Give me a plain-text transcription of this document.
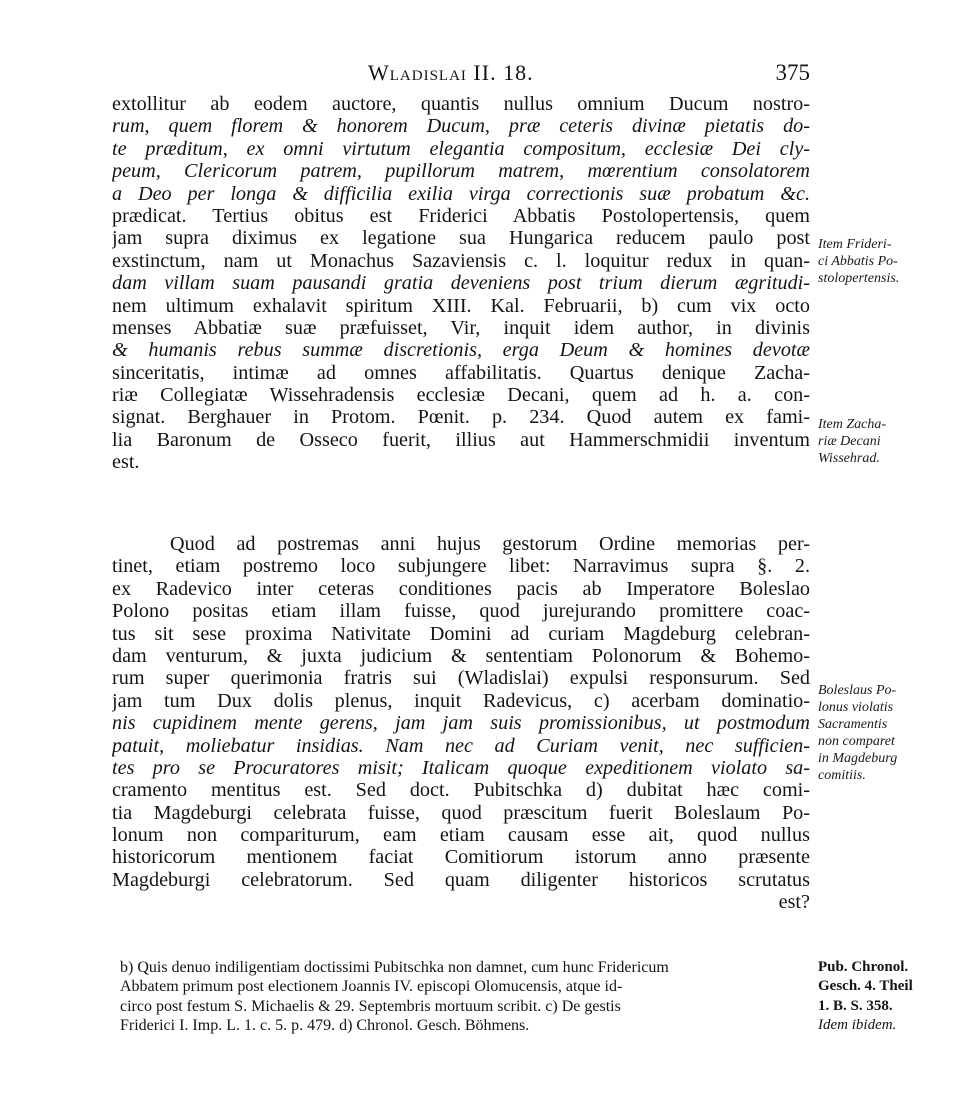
Wladislai II. 18.	375
extollitur ab eodem auctore, quantis nullus omnium Ducum nostro-
rum, quem florem & honorem Ducum, præ ceteris divinæ pietatis do-
te præditum, ex omni virtutum elegantia compositum, ecclesiæ Dei cly-
peum, Clericorum patrem, pupillorum matrem, mœrentium consolatorem
a Deo per longa & difficilia exilia virga correctionis suæ probatum &c.
prædicat. Tertius obitus est Friderici Abbatis Postolopertensis, quem
jam supra diximus ex legatione sua Hungarica reducem paulo post
exstinctum, nam ut Monachus Sazaviensis c. l. loquitur redux in quan-
dam villam suam pausandi gratia deveniens post trium dierum ægritudi-
nem ultimum exhalavit spiritum XIII. Kal. Februarii, b) cum vix octo
menses Abbatiæ suæ præfuisset, Vir, inquit idem author, in divinis
& humanis rebus summæ discretionis, erga Deum & homines devotæ
sinceritatis, intimæ ad omnes affabilitatis. Quartus denique Zacha-
riæ Collegiatæ Wissehradensis ecclesiæ Decani, quem ad h. a. con-
signat. Berghauer in Protom. Pœnit. p. 234. Quod autem ex fami-
lia Baronum de Osseco fuerit, illius aut Hammerschmidii inventum
est.
Quod ad postremas anni hujus gestorum Ordine memorias per-
tinet, etiam postremo loco subjungere libet: Narravimus supra §. 2.
ex Radevico inter ceteras conditiones pacis ab Imperatore Boleslao
Polono positas etiam illam fuisse, quod jurejurando promittere coac-
tus sit sese proxima Nativitate Domini ad curiam Magdeburg celebran-
dam venturum, & juxta judicium & sententiam Polonorum & Bohemo-
rum super querimonia fratris sui (Wladislai) expulsi responsurum. Sed
jam tum Dux dolis plenus, inquit Radevicus, c) acerbam dominatio-
nis cupidinem mente gerens, jam jam suis promissionibus, ut postmodum
patuit, moliebatur insidias. Nam nec ad Curiam venit, nec sufficien-
tes pro se Procuratores misit; Italicam quoque expeditionem violato sa-
cramento mentitus est. Sed doct. Pubitschka d) dubitat hæc comi-
tia Magdeburgi celebrata fuisse, quod præscitum fuerit Boleslaum Po-
lonum non compariturum, eam etiam causam esse ait, quod nullus
historicorum mentionem faciat Comitiorum istorum anno præsente
Magdeburgi celebratorum. Sed quam diligenter historicos scrutatus
est?
Item Frideri-
ci Abbatis Po-
stolopertensis.
Item Zacha-
riæ Decani
Wissehrad.
Boleslaus Po-
lonus violatis
Sacramentis
non comparet
in Magdeburg
comitiis.
b) Quis denuo indiligentiam doctissimi Pubitschka non damnet, cum hunc Fridericum
Abbatem primum post electionem Joannis IV. episcopi Olomucensis, atque id-
circo post festum S. Michaelis & 29. Septembris mortuum scribit. c) De gestis
Friderici I. Imp. L. 1. c. 5. p. 479. d) Chronol. Gesch. Böhmens.
Pub. Chronol.
Gesch. 4. Theil
1. B. S. 358.
Idem ibidem.
